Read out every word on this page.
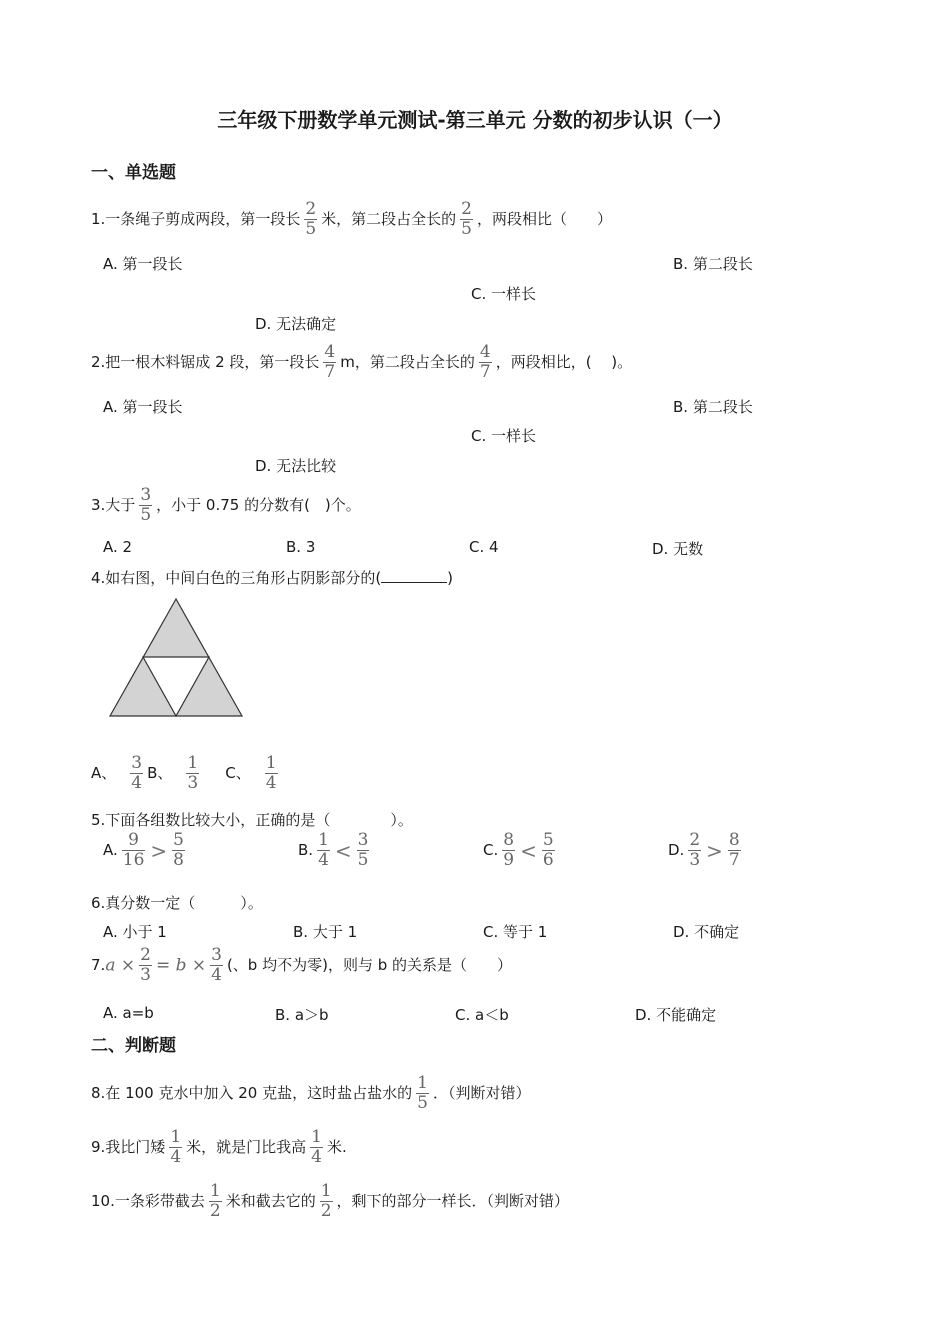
三年级下册数学单元测试-第三单元 分数的初步认识（一）
一、单选题
1.一条绳子剪成两段，第一段长 $\frac{2}{5}$ 米，第二段占全长的 $\frac{2}{5}$ ，两段相比（　　）
A. 第一段长	B. 第二段长
C. 一样长
D. 无法确定
2.把一根木料锯成 2 段，第一段长 $\frac{4}{7}$ m，第二段占全长的 $\frac{4}{7}$ ，两段相比，(　 )。
A. 第一段长	B. 第二段长
C. 一样长
D. 无法比较
3.大于 $\frac{3}{5}$ ，小于 0.75 的分数有(　)个。
A. 2	B. 3	C. 4	D. 无数
4.如右图，中间白色的三角形占阴影部分的(	)
A、 $\frac{3}{4}$ B、 $\frac{1}{3}$ C、 $\frac{1}{4}$
5.下面各组数比较大小，正确的是（　　　　）。
A. $\frac{9}{16} > \frac{5}{8}$	B. $\frac{1}{4} < \frac{3}{5}$	C. $\frac{8}{9} < \frac{5}{6}$	D. $\frac{2}{3} > \frac{8}{7}$
6.真分数一定（　　　）。
A. 小于 1	B. 大于 1	C. 等于 1	D. 不确定
$7.a \times \frac{2}{3} = b \times \frac{3}{4}$ (、b 均不为零)，则与 b 的关系是（　　）
A. a=b	B. a＞b	C. a＜b	D. 不能确定
二、判断题
8.在 100 克水中加入 20 克盐，这时盐占盐水的 $\frac{1}{5}$ ．（判断对错）
9.我比门矮 $\frac{1}{4}$ 米，就是门比我高 $\frac{1}{4}$ 米.
10.一条彩带截去 $\frac{1}{2}$ 米和截去它的 $\frac{1}{2}$ ，剩下的部分一样长．（判断对错）
